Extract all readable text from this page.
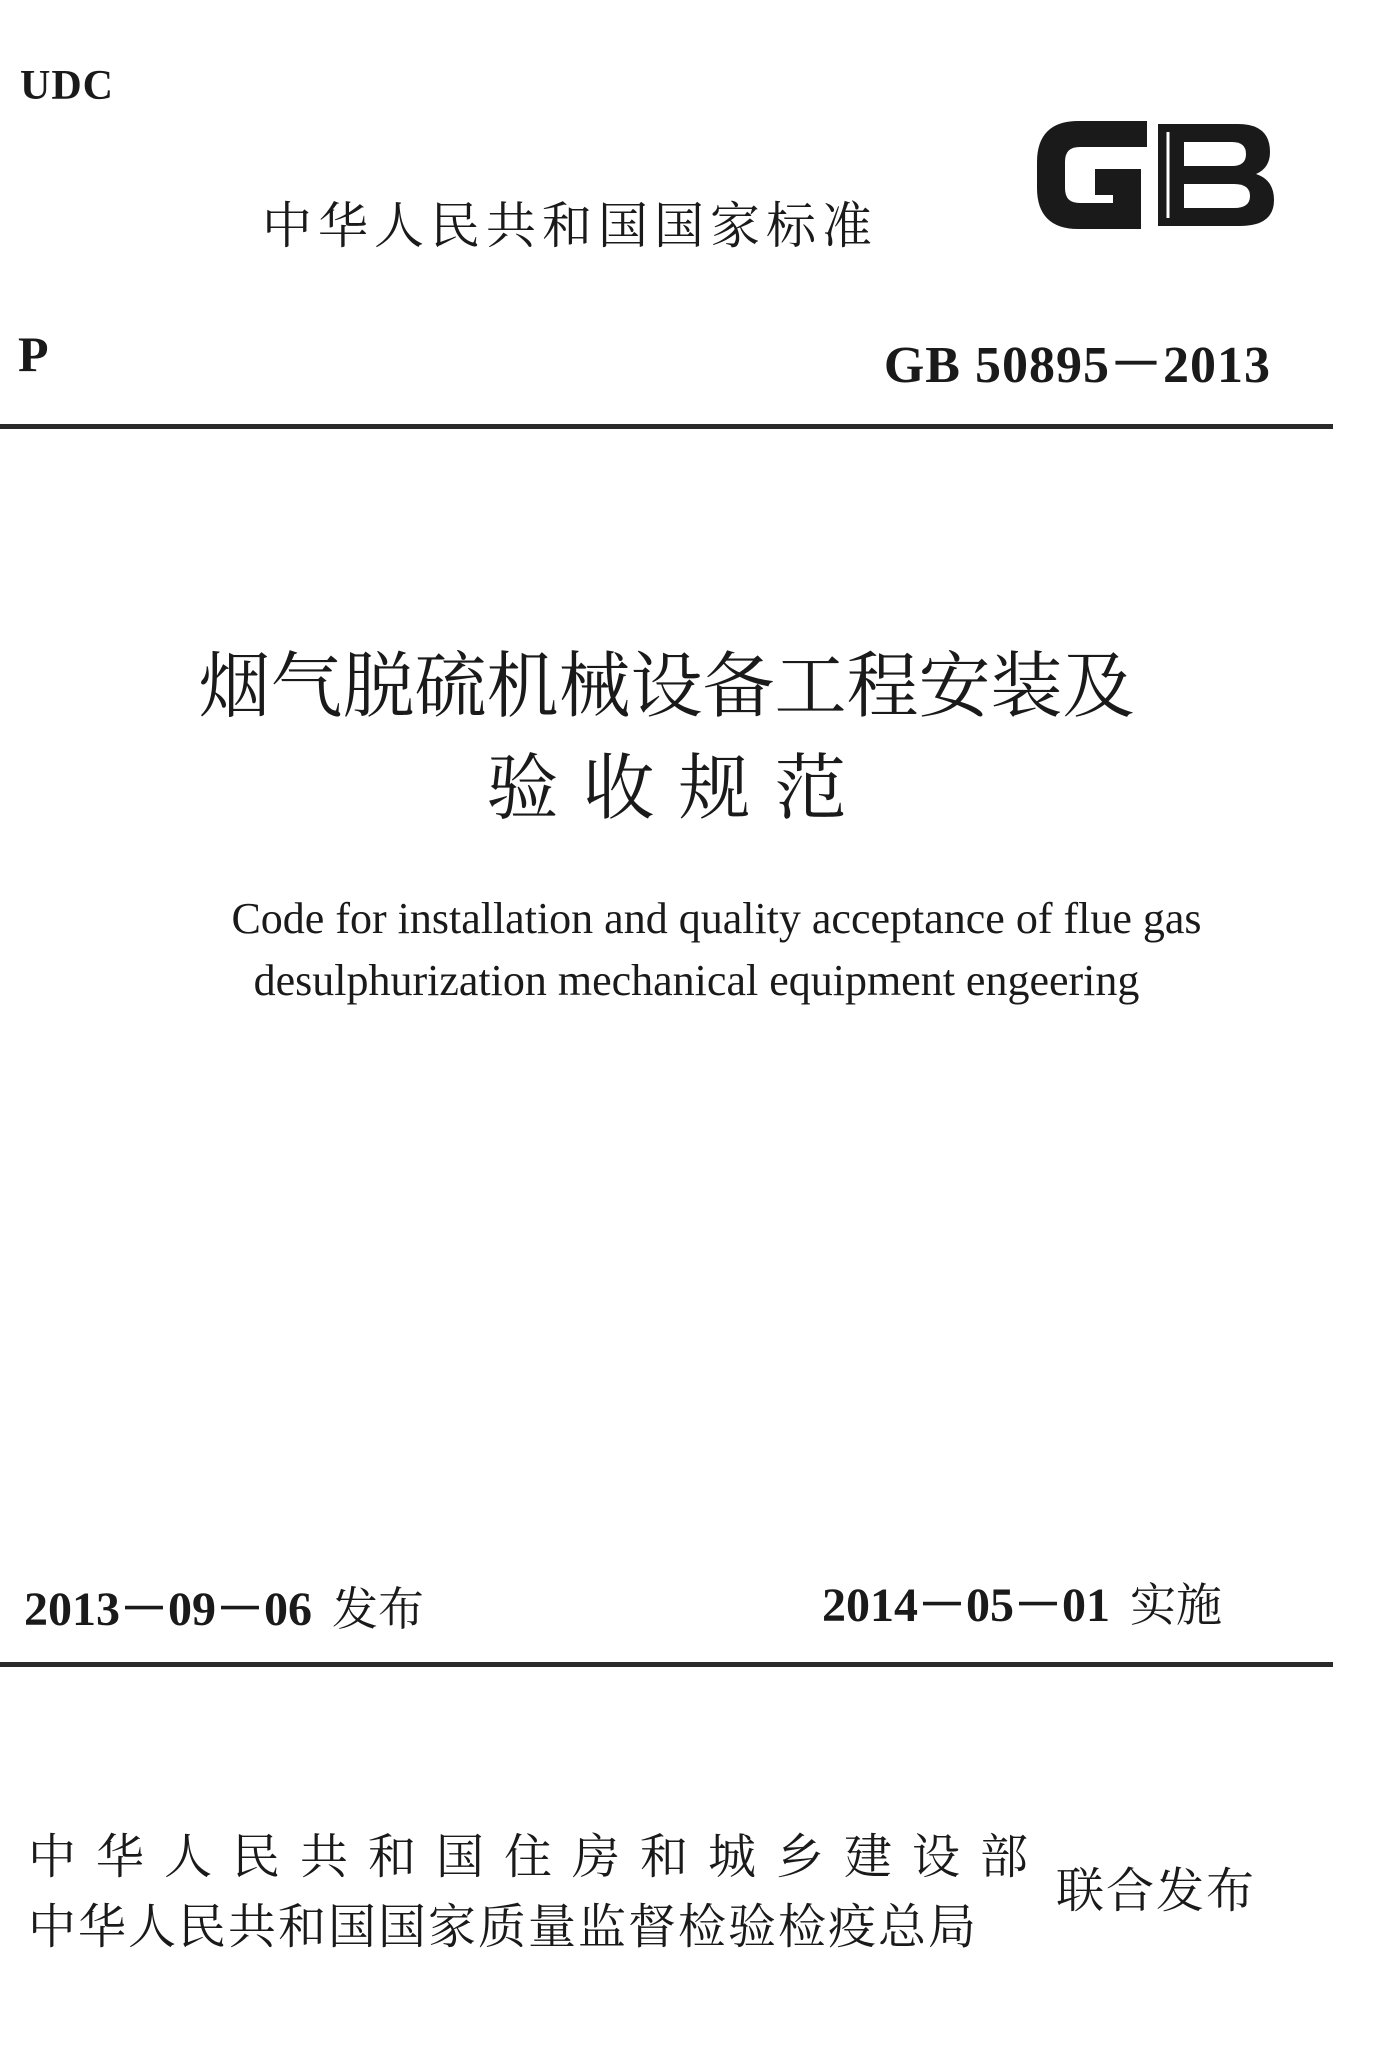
UDC
中华人民共和国国家标准
GB
P	GB 50895－2013
烟气脱硫机械设备工程安装及
验收规范
Code for installation and quality acceptance of flue gas
desulphurization mechanical equipment engeering
2013－09－06 发布	2014－05－01 实施
中华人民共和国住房和城乡建设部
中华人民共和国国家质量监督检验检疫总局
联合发布
